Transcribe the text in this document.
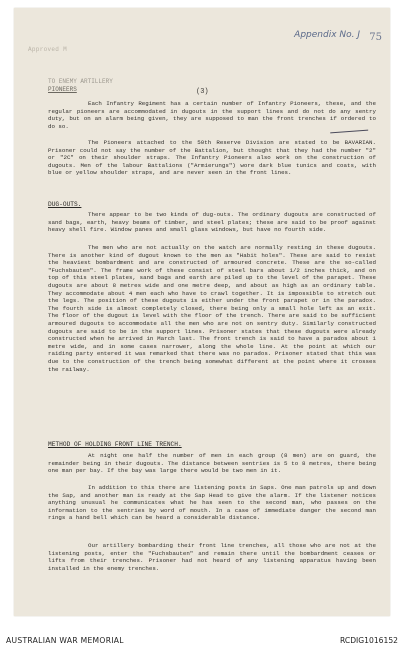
Approved M
Appendix No. J 75
TO ENEMY ARTILLERY
PIONEERS	(3)
Each Infantry Regiment has a certain number of Infantry Pioneers, these, and the regular pioneers are accommodated in dugouts in the support lines and do not do any sentry duty, but on an alarm being given, they are supposed to man the front trenches if ordered to do so.
The Pioneers attached to the 50th Reserve Division are stated to be BAVARIAN. Prisoner could not say the number of the Battalion, but thought that they had the number "2" or "2C" on their shoulder straps. The Infantry Pioneers also work on the construction of dugouts. Men of the labour Battalions ("Armierungs") wore dark blue tunics and coats, with blue or yellow shoulder straps, and are never seen in the front lines.
DUG-OUTS.
There appear to be two kinds of dug-outs. The ordinary dugouts are constructed of sand bags, earth, heavy beams of timber, and steel plates; these are said to be proof against heavy shell fire. Window panes and small glass windows, but have no fourth side.
The men who are not actually on the watch are normally resting in these dugouts. There is another kind of dugout known to the men as "Habit holes". These are said to resist the heaviest bombardment and are constructed of armoured concrete. These are the so-called "Fuchsbauten". The frame work of these consist of steel bars about 1/2 inches thick, and on top of this steel plates, sand bags and earth are piled up to the level of the parapet. These dugouts are about 8 metres wide and one metre deep, and about as high as an ordinary table. They accommodate about 4 men each who have to crawl together. It is impossible to stretch out the legs. The position of these dugouts is either under the front parapet or in the paradox. The fourth side is almost completely closed, there being only a small hole left as an exit. The floor of the dugout is level with the floor of the trench. There are said to be sufficient armoured dugouts to accommodate all the men who are not on sentry duty. Similarly constructed dugouts are said to be in the support lines. Prisoner states that these dugouts were already constructed when he arrived in March last. The front trench is said to have a parados about 1 metre wide, and in some cases narrower, along the whole line. At the point at which our raiding party entered it was remarked that there was no parados. Prisoner stated that this was due to the construction of the trench being somewhat different at the point where it crosses the railway.
METHOD OF HOLDING FRONT LINE TRENCH.
At night one half the number of men in each group (8 men) are on guard, the remainder being in their dugouts. The distance between sentries is 5 to 8 metres, there being one man per bay. If the bay was large there would be two men in it.
In addition to this there are listening posts in Saps. One man patrols up and down the Sap, and another man is ready at the Sap Head to give the alarm. If the listener notices anything unusual he communicates what he has seen to the second man, who passes on the information to the sentries by word of mouth. In a case of immediate danger the second man rings a hand bell which can be heard a considerable distance.
Our artillery bombarding their front line trenches, all those who are not at the listening posts, enter the "Fuchsbauten" and remain there until the bombardment ceases or lifts from their trenches. Prisoner had not heard of any listening apparatus having been installed in the enemy trenches.
AUSTRALIAN WAR MEMORIAL	RCDIG1016152
